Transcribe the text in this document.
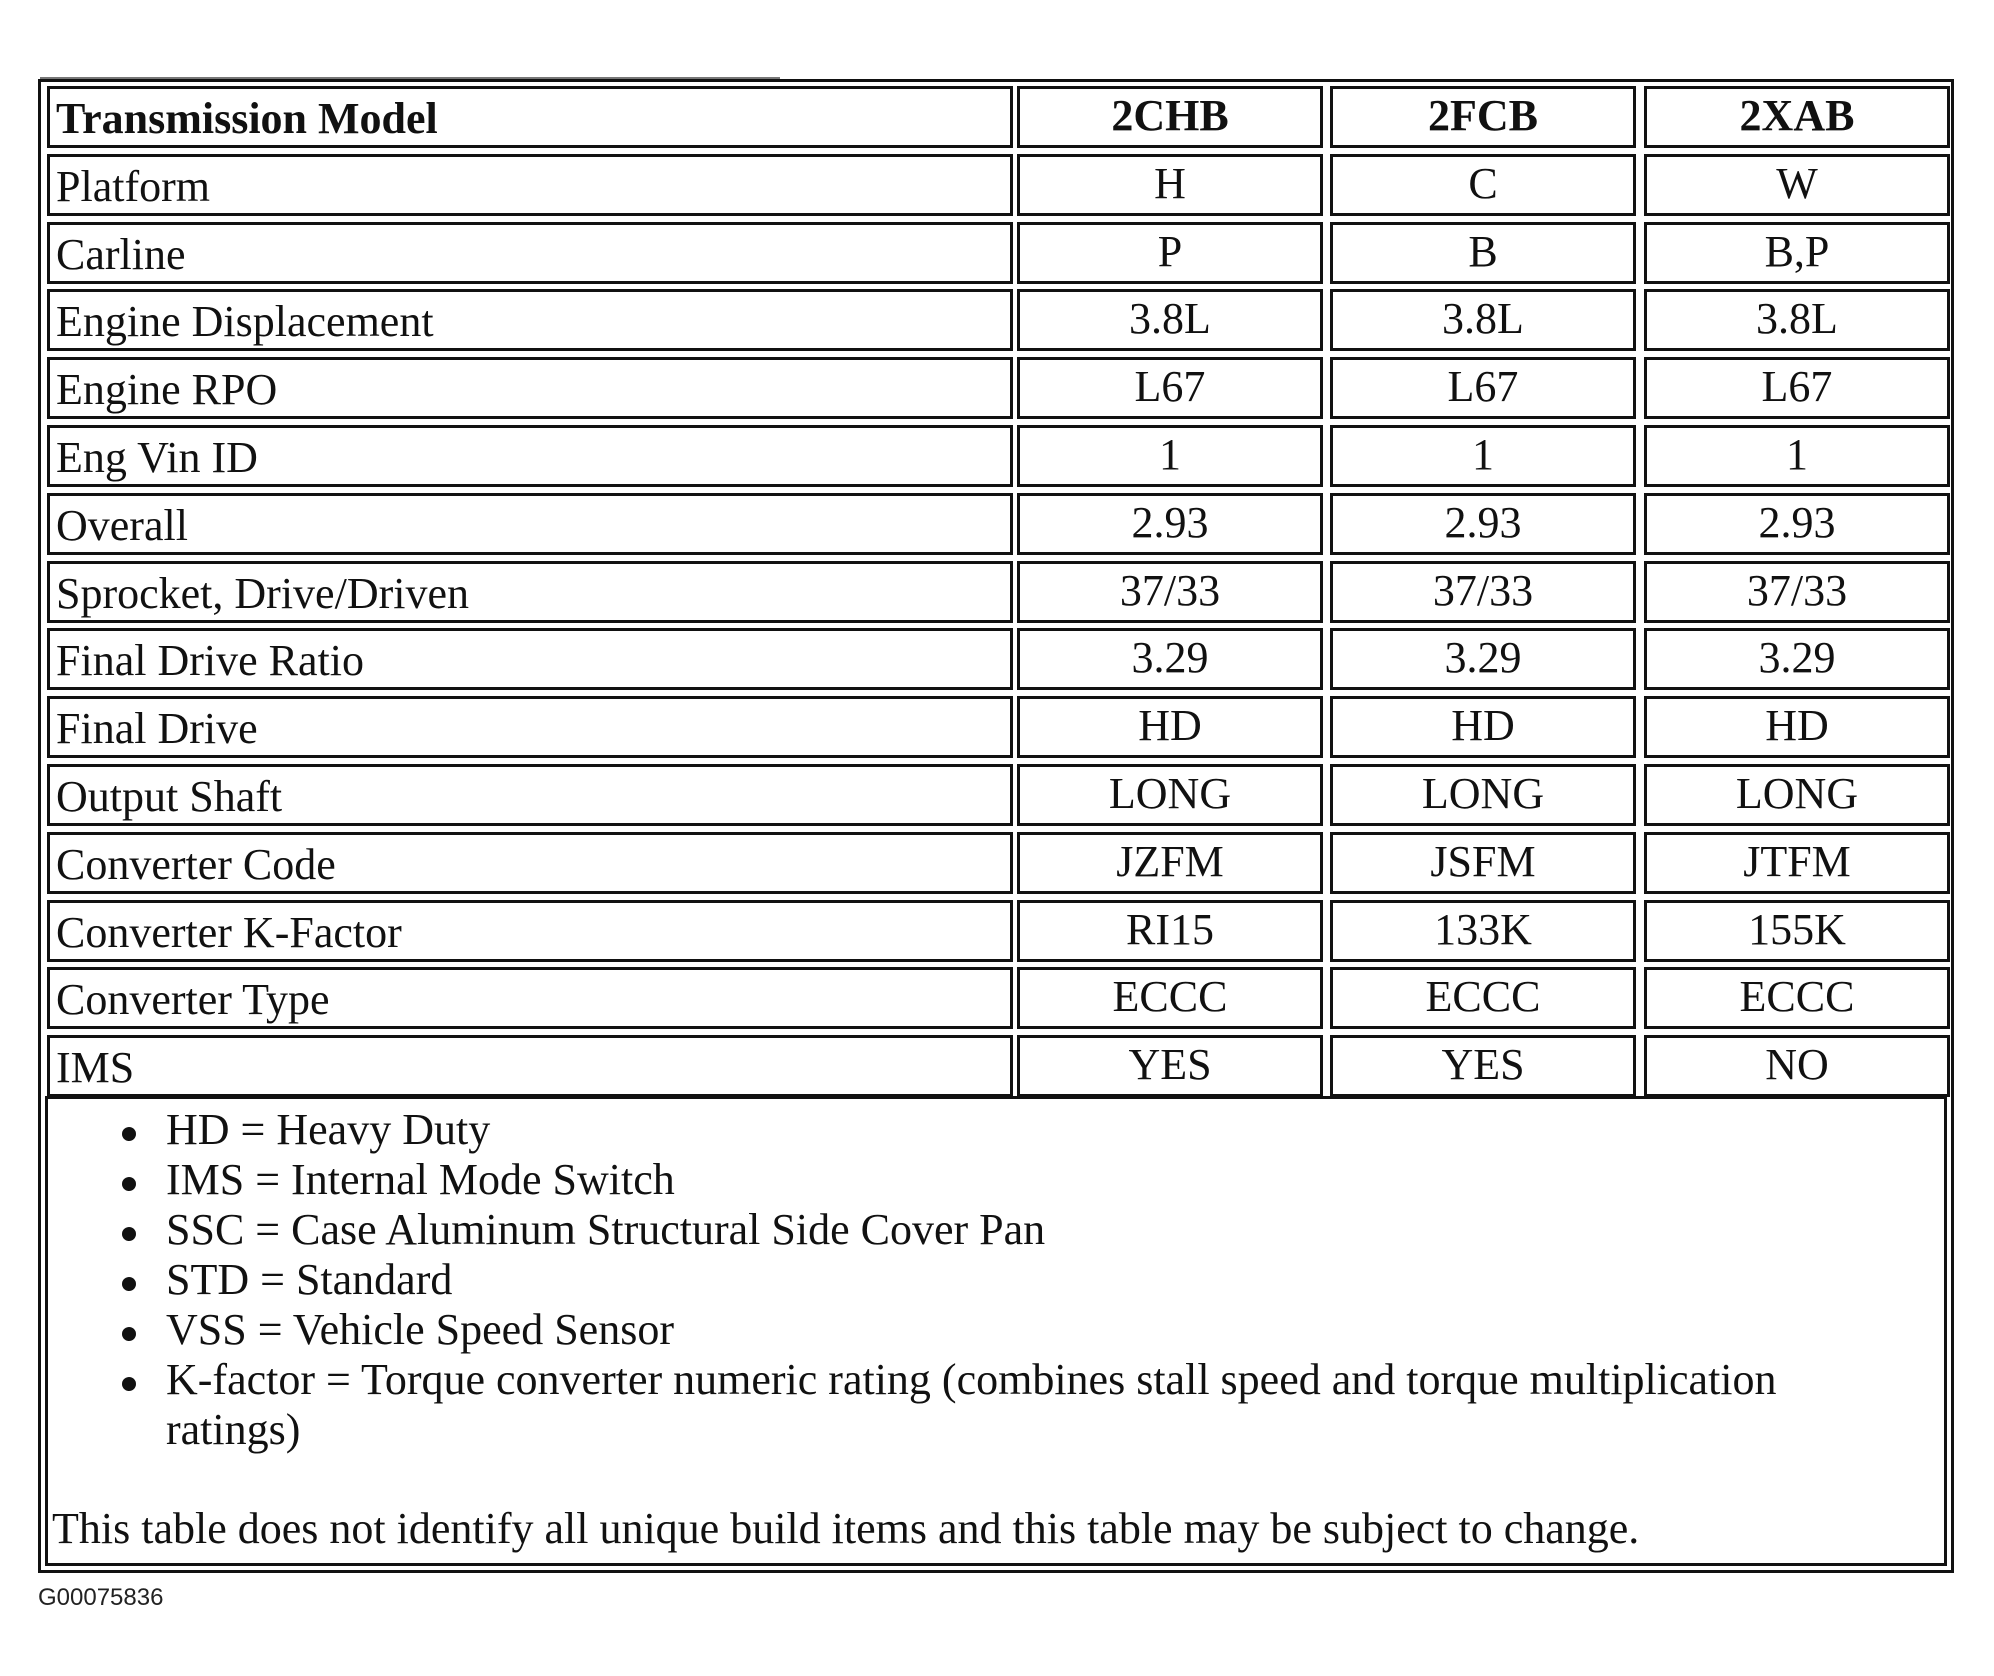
Transmission Model	2CHB	2FCB	2XAB
Platform	H	C	W
Carline	P	B	B,P
Engine Displacement	3.8L	3.8L	3.8L
Engine RPO	L67	L67	L67
Eng Vin ID	1	1	1
Overall	2.93	2.93	2.93
Sprocket, Drive/Driven	37/33	37/33	37/33
Final Drive Ratio	3.29	3.29	3.29
Final Drive	HD	HD	HD
Output Shaft	LONG	LONG	LONG
Converter Code	JZFM	JSFM	JTFM
Converter K-Factor	RI15	133K	155K
Converter Type	ECCC	ECCC	ECCC
IMS	YES	YES	NO
HD = Heavy Duty
IMS = Internal Mode Switch
SSC = Case Aluminum Structural Side Cover Pan
STD = Standard
VSS = Vehicle Speed Sensor
K-factor = Torque converter numeric rating (combines stall speed and torque multiplication
ratings)
This table does not identify all unique build items and this table may be subject to change.
G00075836
